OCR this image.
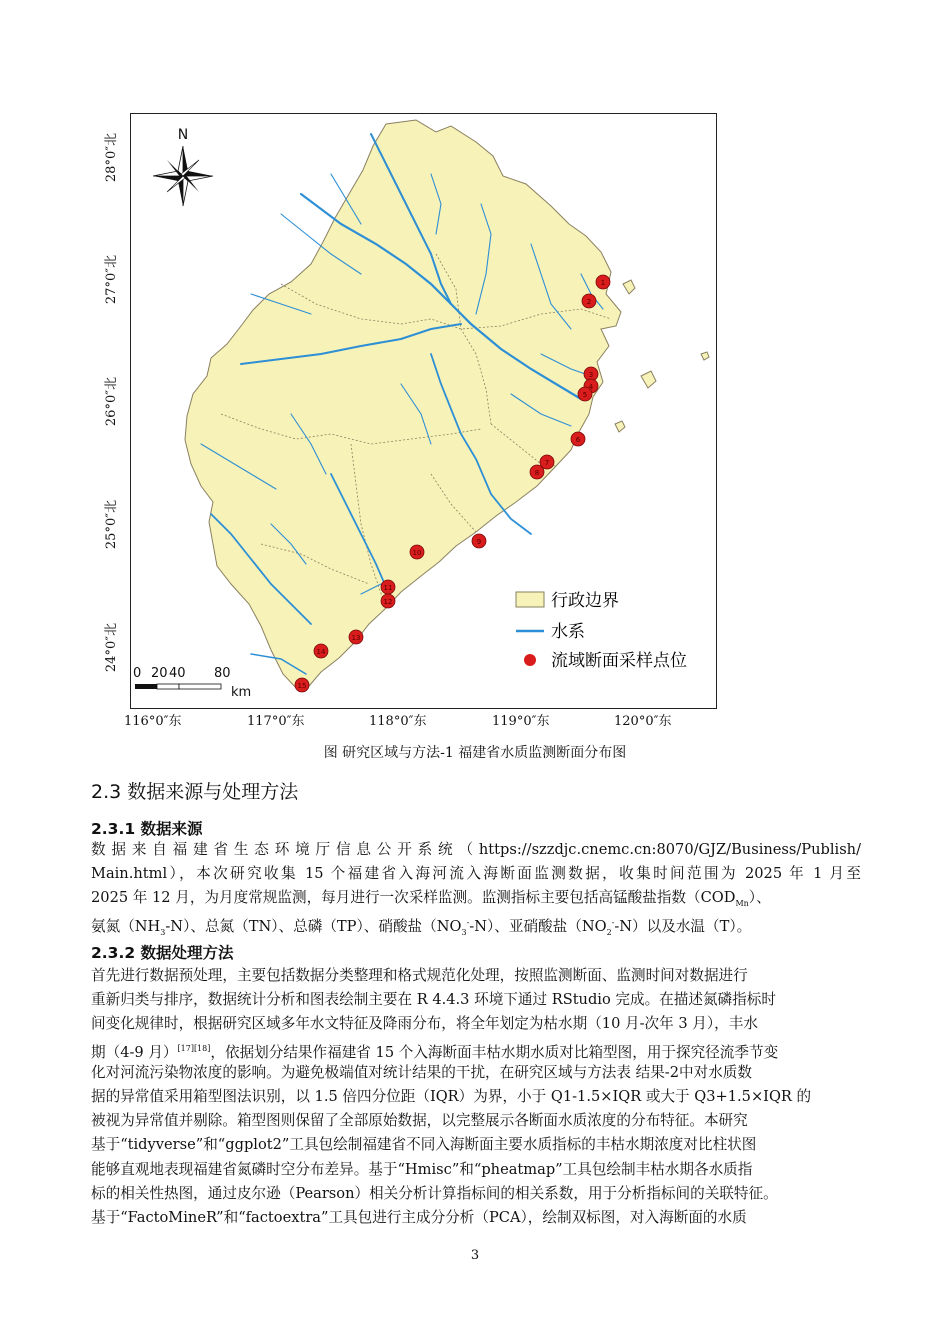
1
2
3
4
5
6
7
8
9
10
11
12
13
14
15
N
行政边界
水系
流域断面采样点位
0 20 40 80
km
28°0″北
27°0″北
26°0″北
25°0″北
24°0″北
116°0″东	117°0″东	118°0″东	119°0″东	120°0″东
图 研究区域与方法-1 福建省水质监测断面分布图
2.3 数据来源与处理方法
2.3.1 数据来源
数据来自福建省生态环境厅信息公开系统（https://szzdjc.cnemc.cn:8070/GJZ/Business/Publish/
Main.html），本次研究收集 15 个福建省入海河流入海断面监测数据，收集时间范围为 2025 年 1 月至
2025 年 12 月，为月度常规监测，每月进行一次采样监测。监测指标主要包括高锰酸盐指数$(COD_{Mn})$、
氨氮$(NH_3-N)$、总氮（TN）、总磷（TP）、硝酸盐$(NO_3^--N)$、亚硝酸盐$(NO_2^--N)$以及水温（T）。
2.3.2 数据处理方法
首先进行数据预处理，主要包括数据分类整理和格式规范化处理，按照监测断面、监测时间对数据进行
重新归类与排序，数据统计分析和图表绘制主要在 R 4.4.3 环境下通过 RStudio 完成。在描述氮磷指标时
间变化规律时，根据研究区域多年水文特征及降雨分布，将全年划定为枯水期（10 月-次年 3 月），丰水
期（4-9 月）[17][18]，依据划分结果作福建省 15 个入海断面丰枯水期水质对比箱型图，用于探究径流季节变
化对河流污染物浓度的影响。为避免极端值对统计结果的干扰，在研究区域与方法表 结果-2中对水质数
据的异常值采用箱型图法识别，以 1.5 倍四分位距（IQR）为界，小于 Q1-1.5×IQR 或大于 Q3+1.5×IQR 的
被视为异常值并剔除。箱型图则保留了全部原始数据，以完整展示各断面水质浓度的分布特征。本研究
基于“tidyverse”和“ggplot2”工具包绘制福建省不同入海断面主要水质指标的丰枯水期浓度对比柱状图
能够直观地表现福建省氮磷时空分布差异。基于“Hmisc”和“pheatmap”工具包绘制丰枯水期各水质指
标的相关性热图，通过皮尔逊（Pearson）相关分析计算指标间的相关系数，用于分析指标间的关联特征。
基于“FactoMineR”和“factoextra”工具包进行主成分分析（PCA），绘制双标图，对入海断面的水质
3
